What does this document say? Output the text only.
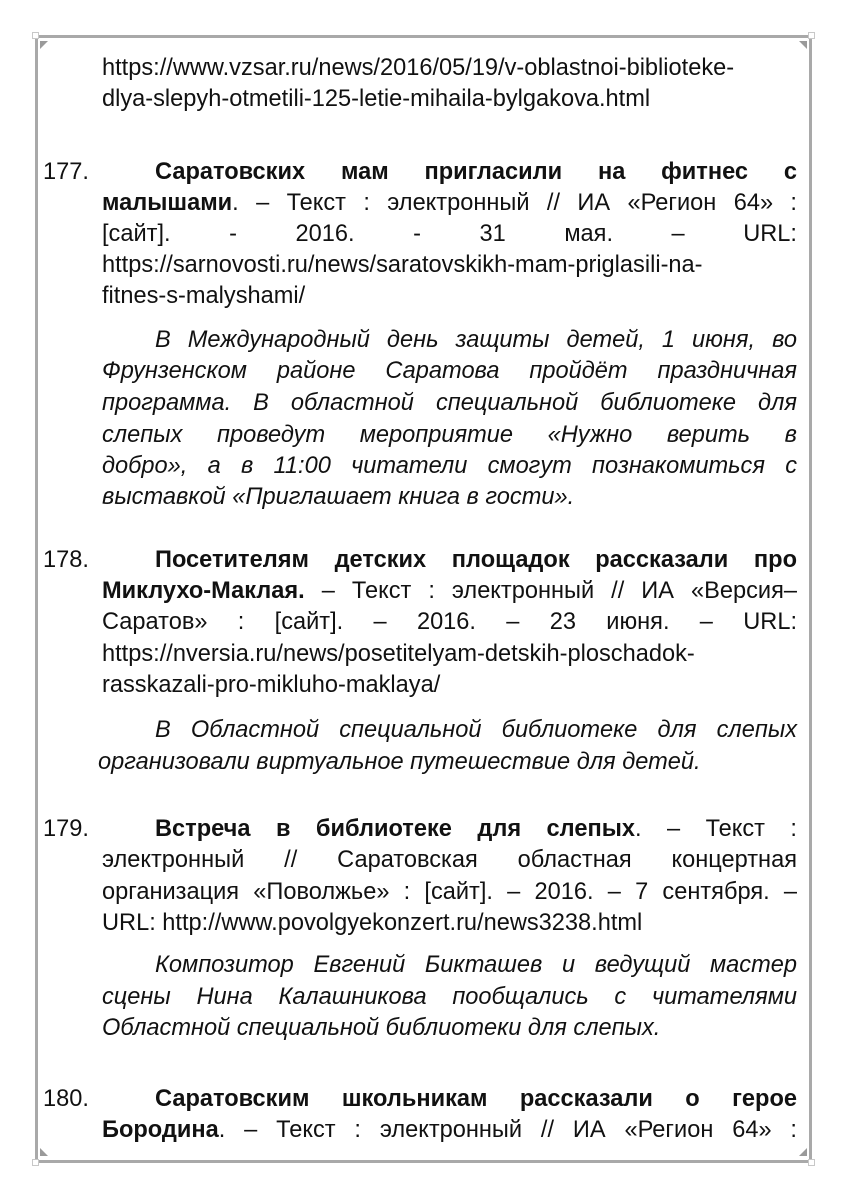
https://www.vzsar.ru/news/2016/05/19/v-oblastnoi-biblioteke-
dlya-slepyh-otmetili-125-letie-mihaila-bylgakova.html
177.	Саратовских мам пригласили на фитнес с
малышами. – Текст : электронный // ИА «Регион 64» :
[сайт]. - 2016. - 31 мая. – URL:
https://sarnovosti.ru/news/saratovskikh-mam-priglasili-na-
fitnes-s-malyshami/
В Международный день защиты детей, 1 июня, во
Фрунзенском районе Саратова пройдёт праздничная
программа. В областной специальной библиотеке для
слепых проведут мероприятие «Нужно верить в
добро», а в 11:00 читатели смогут познакомиться с
выставкой «Приглашает книга в гости».
178.	Посетителям детских площадок рассказали про
Миклухо-Маклая. – Текст : электронный // ИА «Версия–
Саратов» : [сайт]. – 2016. – 23 июня. – URL:
https://nversia.ru/news/posetitelyam-detskih-ploschadok-
rasskazali-pro-mikluho-maklaya/
В Областной специальной библиотеке для слепых
организовали виртуальное путешествие для детей.
179.	Встреча в библиотеке для слепых. – Текст :
электронный // Саратовская областная концертная
организация «Поволжье» : [сайт]. – 2016. – 7 сентября. –
URL: http://www.povolgyekonzert.ru/news3238.html
Композитор Евгений Бикташев и ведущий мастер
сцены Нина Калашникова пообщались с читателями
Областной специальной библиотеки для слепых.
180.	Саратовским школьникам рассказали о герое
Бородина. – Текст : электронный // ИА «Регион 64» :
